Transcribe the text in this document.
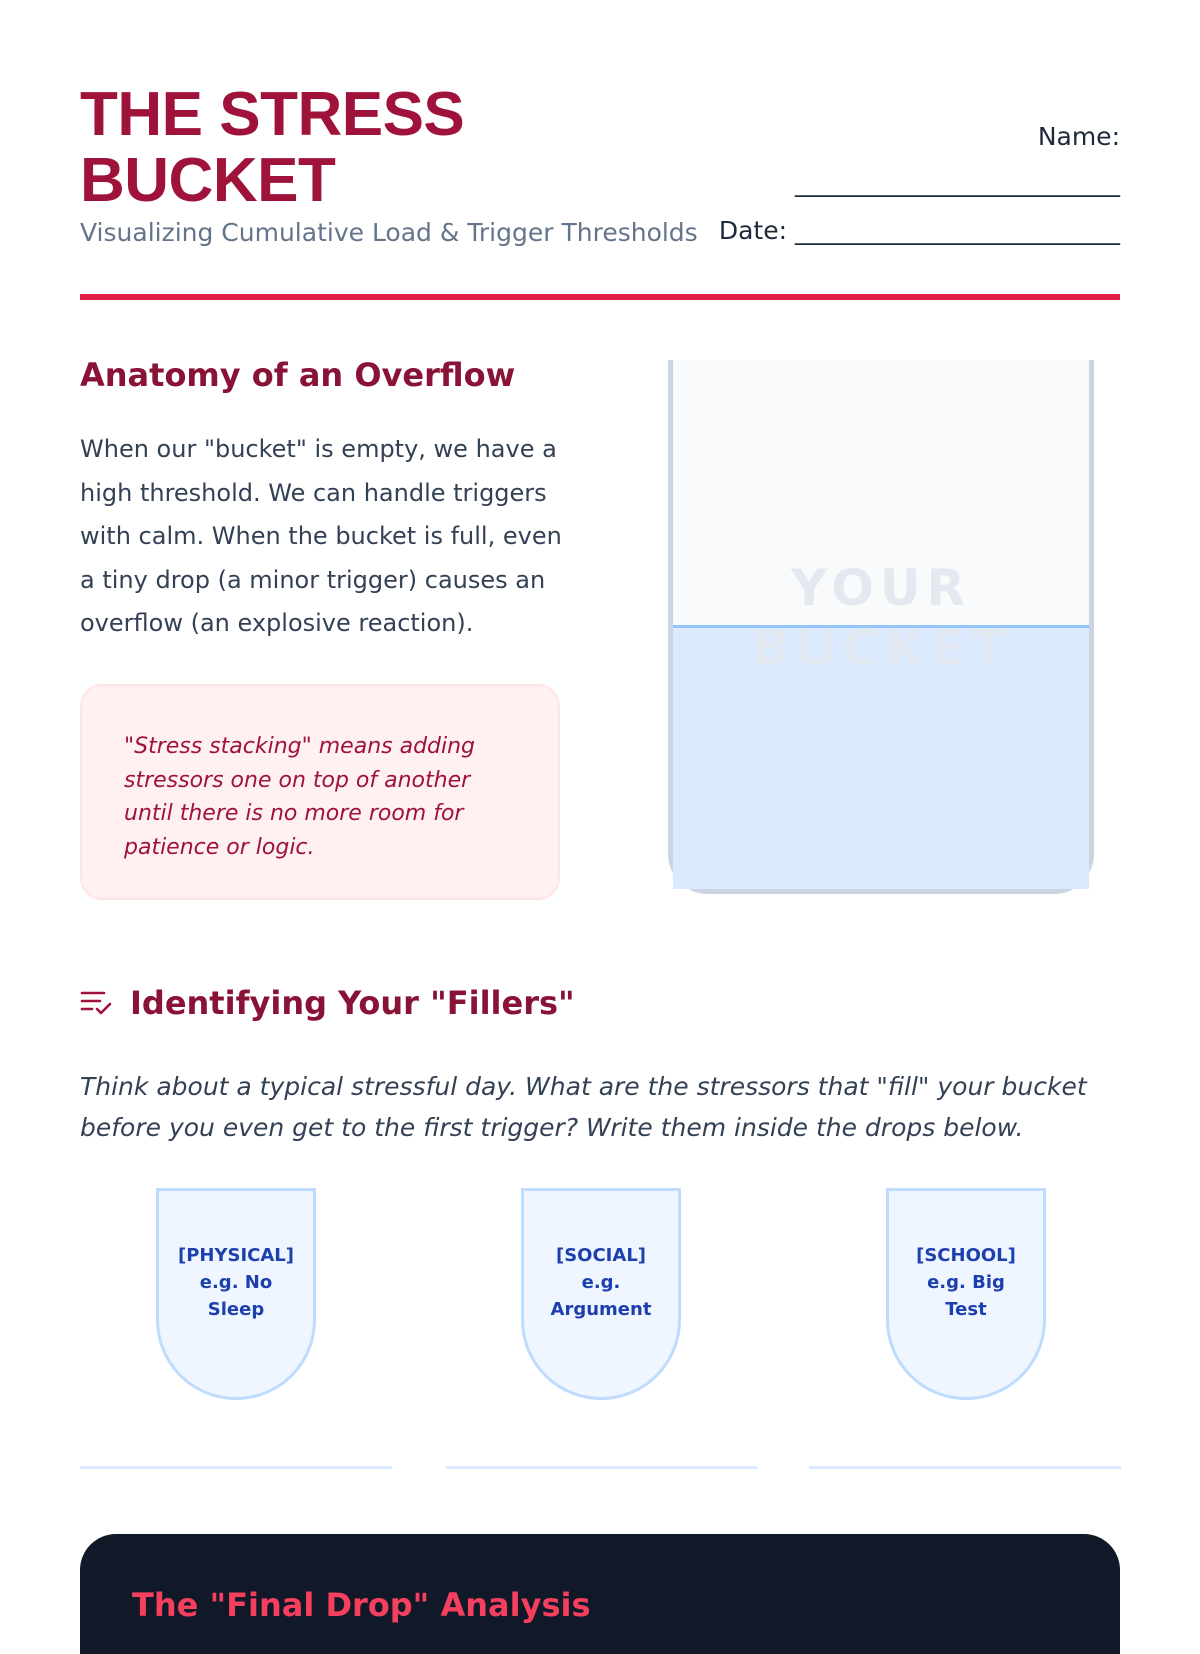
THE STRESS
BUCKET
Visualizing Cumulative Load & Trigger Thresholds
Name:
__________________________
Date: __________________________
Anatomy of an Overflow

When our "bucket" is empty, we have a high threshold. We can handle triggers with calm. When the bucket is full, even a tiny drop (a minor trigger) causes an overflow (an explosive reaction).

"Stress stacking" means adding stressors one on top of another until there is no more room for patience or logic.
YOUR
BUCKET
Identifying Your "Fillers"

Think about a typical stressful day. What are the stressors that "fill" your bucket before you even get to the first trigger? Write them inside the drops below.

[PHYSICAL]
e.g. No Sleep
[SOCIAL]
e.g. Argument
[SCHOOL]
e.g. Big Test
The "Final Drop" Analysis
